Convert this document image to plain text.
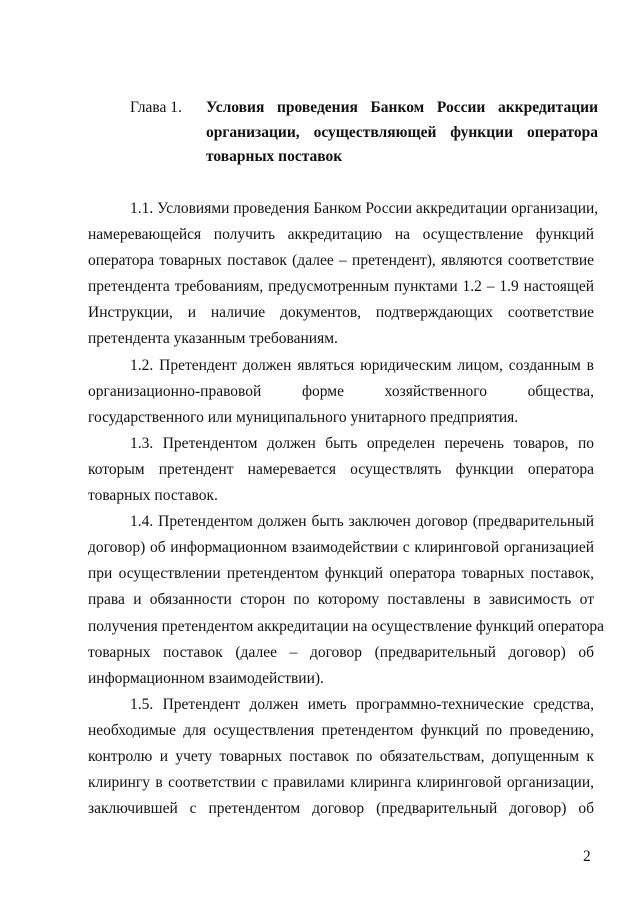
Глава 1. Условия проведения Банком России аккредитации
организации, осуществляющей функции оператора
товарных поставок
1.1. Условиями проведения Банком России аккредитации организации,
намеревающейся получить аккредитацию на осуществление функций
оператора товарных поставок (далее – претендент), являются соответствие
претендента требованиям, предусмотренным пунктами 1.2 – 1.9 настоящей
Инструкции, и наличие документов, подтверждающих соответствие
претендента указанным требованиям.
1.2. Претендент должен являться юридическим лицом, созданным в
организационно-правовой форме хозяйственного общества,
государственного или муниципального унитарного предприятия.
1.3. Претендентом должен быть определен перечень товаров, по
которым претендент намеревается осуществлять функции оператора
товарных поставок.
1.4. Претендентом должен быть заключен договор (предварительный
договор) об информационном взаимодействии с клиринговой организацией
при осуществлении претендентом функций оператора товарных поставок,
права и обязанности сторон по которому поставлены в зависимость от
получения претендентом аккредитации на осуществление функций оператора
товарных поставок (далее – договор (предварительный договор) об
информационном взаимодействии).
1.5. Претендент должен иметь программно-технические средства,
необходимые для осуществления претендентом функций по проведению,
контролю и учету товарных поставок по обязательствам, допущенным к
клирингу в соответствии с правилами клиринга клиринговой организации,
заключившей с претендентом договор (предварительный договор) об
2
